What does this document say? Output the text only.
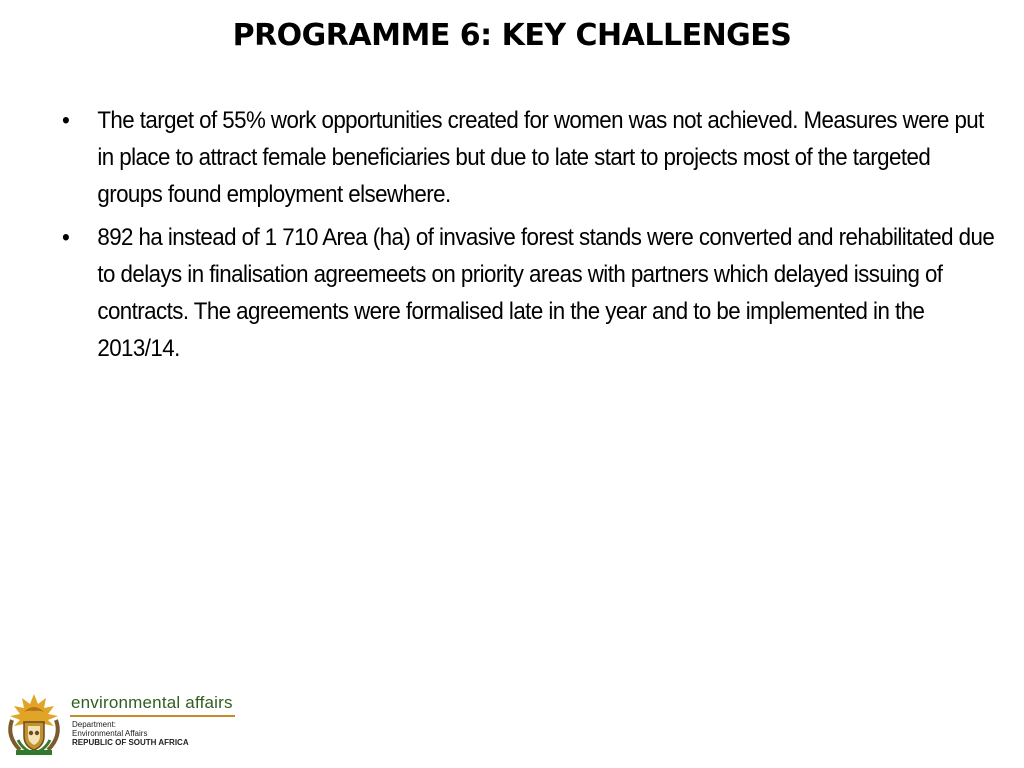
PROGRAMME 6: KEY CHALLENGES
• The target of 55% work opportunities created for women was not achieved. Measures were put in place to attract female beneficiaries but due to late start to projects most of the targeted groups found employment elsewhere.
• 892 ha instead of 1 710 Area (ha) of invasive forest stands were converted and rehabilitated due to delays in finalisation agreemeets on priority areas with partners which delayed issuing of contracts. The agreements were formalised late in the year and to be implemented in the 2013/14.
environmental affairs
Department:
Environmental Affairs
REPUBLIC OF SOUTH AFRICA
